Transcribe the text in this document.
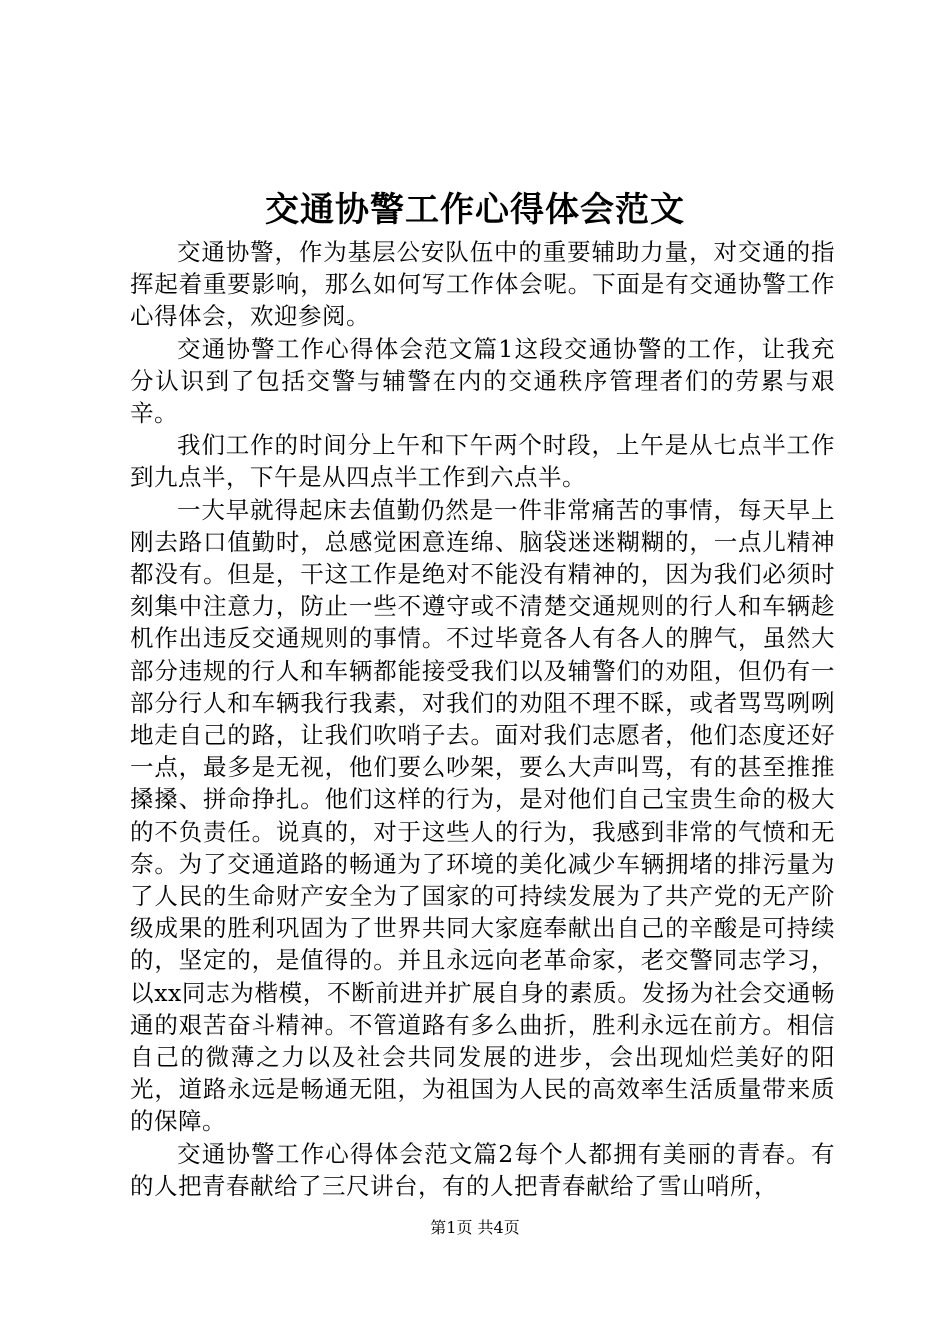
交通协警工作心得体会范文

交通协警，作为基层公安队伍中的重要辅助力量，对交通的指挥起着重要影响，那么如何写工作体会呢。下面是有交通协警工作心得体会，欢迎参阅。

交通协警工作心得体会范文篇1这段交通协警的工作，让我充分认识到了包括交警与辅警在内的交通秩序管理者们的劳累与艰辛。

我们工作的时间分上午和下午两个时段，上午是从七点半工作到九点半，下午是从四点半工作到六点半。

一大早就得起床去值勤仍然是一件非常痛苦的事情，每天早上刚去路口值勤时，总感觉困意连绵、脑袋迷迷糊糊的，一点儿精神都没有。但是，干这工作是绝对不能没有精神的，因为我们必须时刻集中注意力，防止一些不遵守或不清楚交通规则的行人和车辆趁机作出违反交通规则的事情。不过毕竟各人有各人的脾气，虽然大部分违规的行人和车辆都能接受我们以及辅警们的劝阻，但仍有一部分行人和车辆我行我素，对我们的劝阻不理不睬，或者骂骂咧咧地走自己的路，让我们吹哨子去。面对我们志愿者，他们态度还好一点，最多是无视，他们要么吵架，要么大声叫骂，有的甚至推推搡搡、拼命挣扎。他们这样的行为，是对他们自己宝贵生命的极大的不负责任。说真的，对于这些人的行为，我感到非常的气愤和无奈。为了交通道路的畅通为了环境的美化减少车辆拥堵的排污量为了人民的生命财产安全为了国家的可持续发展为了共产党的无产阶级成果的胜利巩固为了世界共同大家庭奉献出自己的辛酸是可持续的，坚定的，是值得的。并且永远向老革命家，老交警同志学习，以xx同志为楷模，不断前进并扩展自身的素质。发扬为社会交通畅通的艰苦奋斗精神。不管道路有多么曲折，胜利永远在前方。相信自己的微薄之力以及社会共同发展的进步，会出现灿烂美好的阳光，道路永远是畅通无阻，为祖国为人民的高效率生活质量带来质的保障。

交通协警工作心得体会范文篇2每个人都拥有美丽的青春。有的人把青春献给了三尺讲台，有的人把青春献给了雪山哨所，

第1页 共4页
